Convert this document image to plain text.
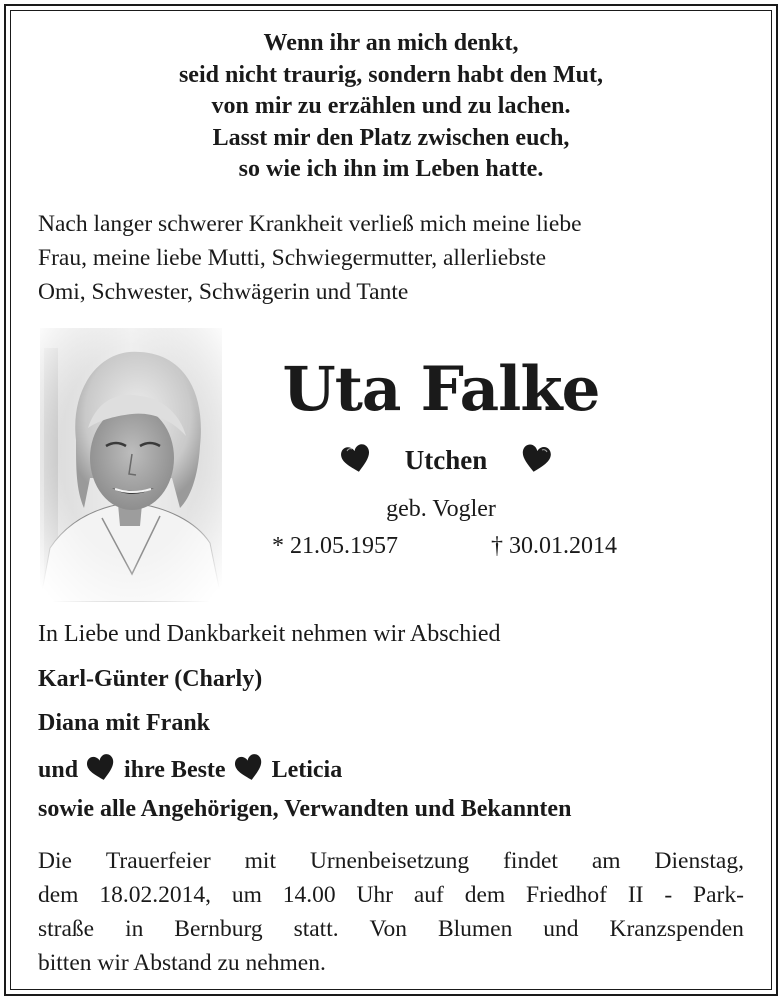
Wenn ihr an mich denkt,
seid nicht traurig, sondern habt den Mut,
von mir zu erzählen und zu lachen.
Lasst mir den Platz zwischen euch,
so wie ich ihn im Leben hatte.
Nach langer schwerer Krankheit verließ mich meine liebe
Frau, meine liebe Mutti, Schwiegermutter, allerliebste
Omi, Schwester, Schwägerin und Tante
Uta Falke
Utchen
geb. Vogler
* 21.05.1957	† 30.01.2014
In Liebe und Dankbarkeit nehmen wir Abschied
Karl-Günter (Charly)
Diana mit Frank
und ihre Beste Leticia
sowie alle Angehörigen, Verwandten und Bekannten
Die Trauerfeier mit Urnenbeisetzung findet am Dienstag,
dem 18.02.2014, um 14.00 Uhr auf dem Friedhof II - Park-
straße in Bernburg statt. Von Blumen und Kranzspenden
bitten wir Abstand zu nehmen.
